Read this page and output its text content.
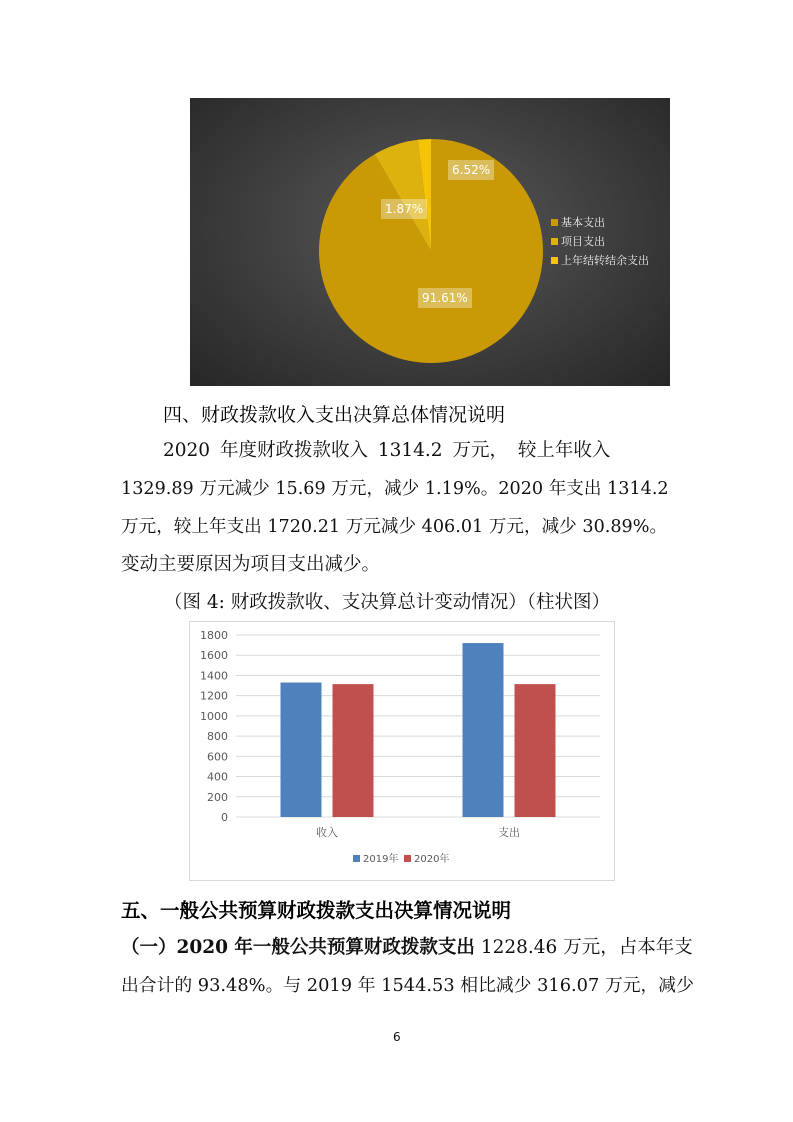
91.61%
6.52%
1.87%
基本支出
项目支出
上年结转结余支出
四、财政拨款收入支出决算总体情况说明
2020 年度财政拨款收入 1314.2 万元， 较上年收入
1329.89 万元减少 15.69 万元，减少 1.19%。2020 年支出 1314.2
万元，较上年支出 1720.21 万元减少 406.01 万元，减少 30.89%。
变动主要原因为项目支出减少。
（图 4: 财政拨款收、支决算总计变动情况）（柱状图）
0
200
400
600
800
1000
1200
1400
1600
1800
收入	支出
2019年 2020年
五、一般公共预算财政拨款支出决算情况说明
（一）2020 年一般公共预算财政拨款支出 1228.46 万元，占本年支
出合计的 93.48%。与 2019 年 1544.53 相比减少 316.07 万元，减少
6
